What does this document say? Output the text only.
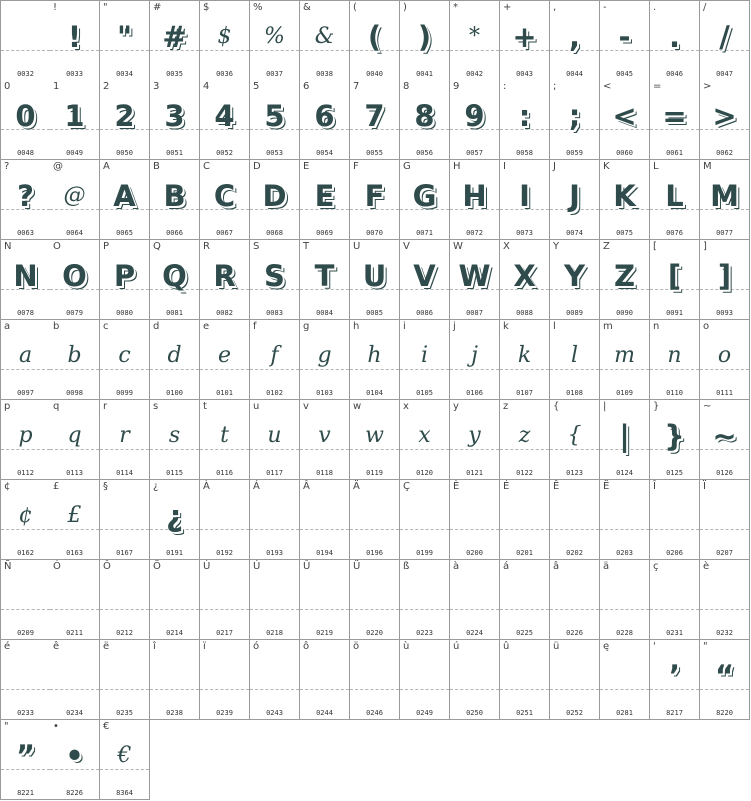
0032
!
!
0033
"
"
0034
#
#
0035
$
$
0036
%
%
0037
&
&
0038
(
(
0040
)
)
0041
*
*
0042
+
+
0043
,
,
0044
-
-
0045
.
.
0046
/
/
0047
0
0
0048
1
1
0049
2
2
0050
3
3
0051
4
4
0052
5
5
0053
6
6
0054
7
7
0055
8
8
0056
9
9
0057
:
:
0058
;
;
0059
<
<
0060
=
=
0061
>
>
0062
?
?
0063
@
@
0064
A
A
0065
B
B
0066
C
C
0067
D
D
0068
E
E
0069
F
F
0070
G
G
0071
H
H
0072
I
I
0073
J
J
0074
K
K
0075
L
L
0076
M
M
0077
N
N
0078
O
O
0079
P
P
0080
Q
Q
0081
R
R
0082
S
S
0083
T
T
0084
U
U
0085
V
V
0086
W
W
0087
X
X
0088
Y
Y
0089
Z
Z
0090
[
[
0091
]
]
0093
a
a
0097
b
b
0098
c
c
0099
d
d
0100
e
e
0101
f
f
0102
g
g
0103
h
h
0104
i
i
0105
j
j
0106
k
k
0107
l
l
0108
m
m
0109
n
n
0110
o
o
0111
p
p
0112
q
q
0113
r
r
0114
s
s
0115
t
t
0116
u
u
0117
v
v
0118
w
w
0119
x
x
0120
y
y
0121
z
z
0122
{
{
0123
|
|
0124
}
}
0125
~
~
0126
¢
¢
0162
£
£
0163
§
0167
¿
¿
0191
À
0192
Á
0193
Â
0194
Ä
0196
Ç
0199
È
0200
É
0201
Ê
0202
Ë
0203
Î
0206
Ï
0207
Ñ
0209
Ó
0211
Ô
0212
Ö
0214
Ù
0217
Ú
0218
Û
0219
Ü
0220
ß
0223
à
0224
á
0225
â
0226
ä
0228
ç
0231
è
0232
é
0233
ê
0234
ë
0235
î
0238
ï
0239
ó
0243
ô
0244
ö
0246
ù
0249
ú
0250
û
0251
ü
0252
ę
0281
'
’
8217
"
“
8220
"
”
8221
•
•
8226
€
€
8364
